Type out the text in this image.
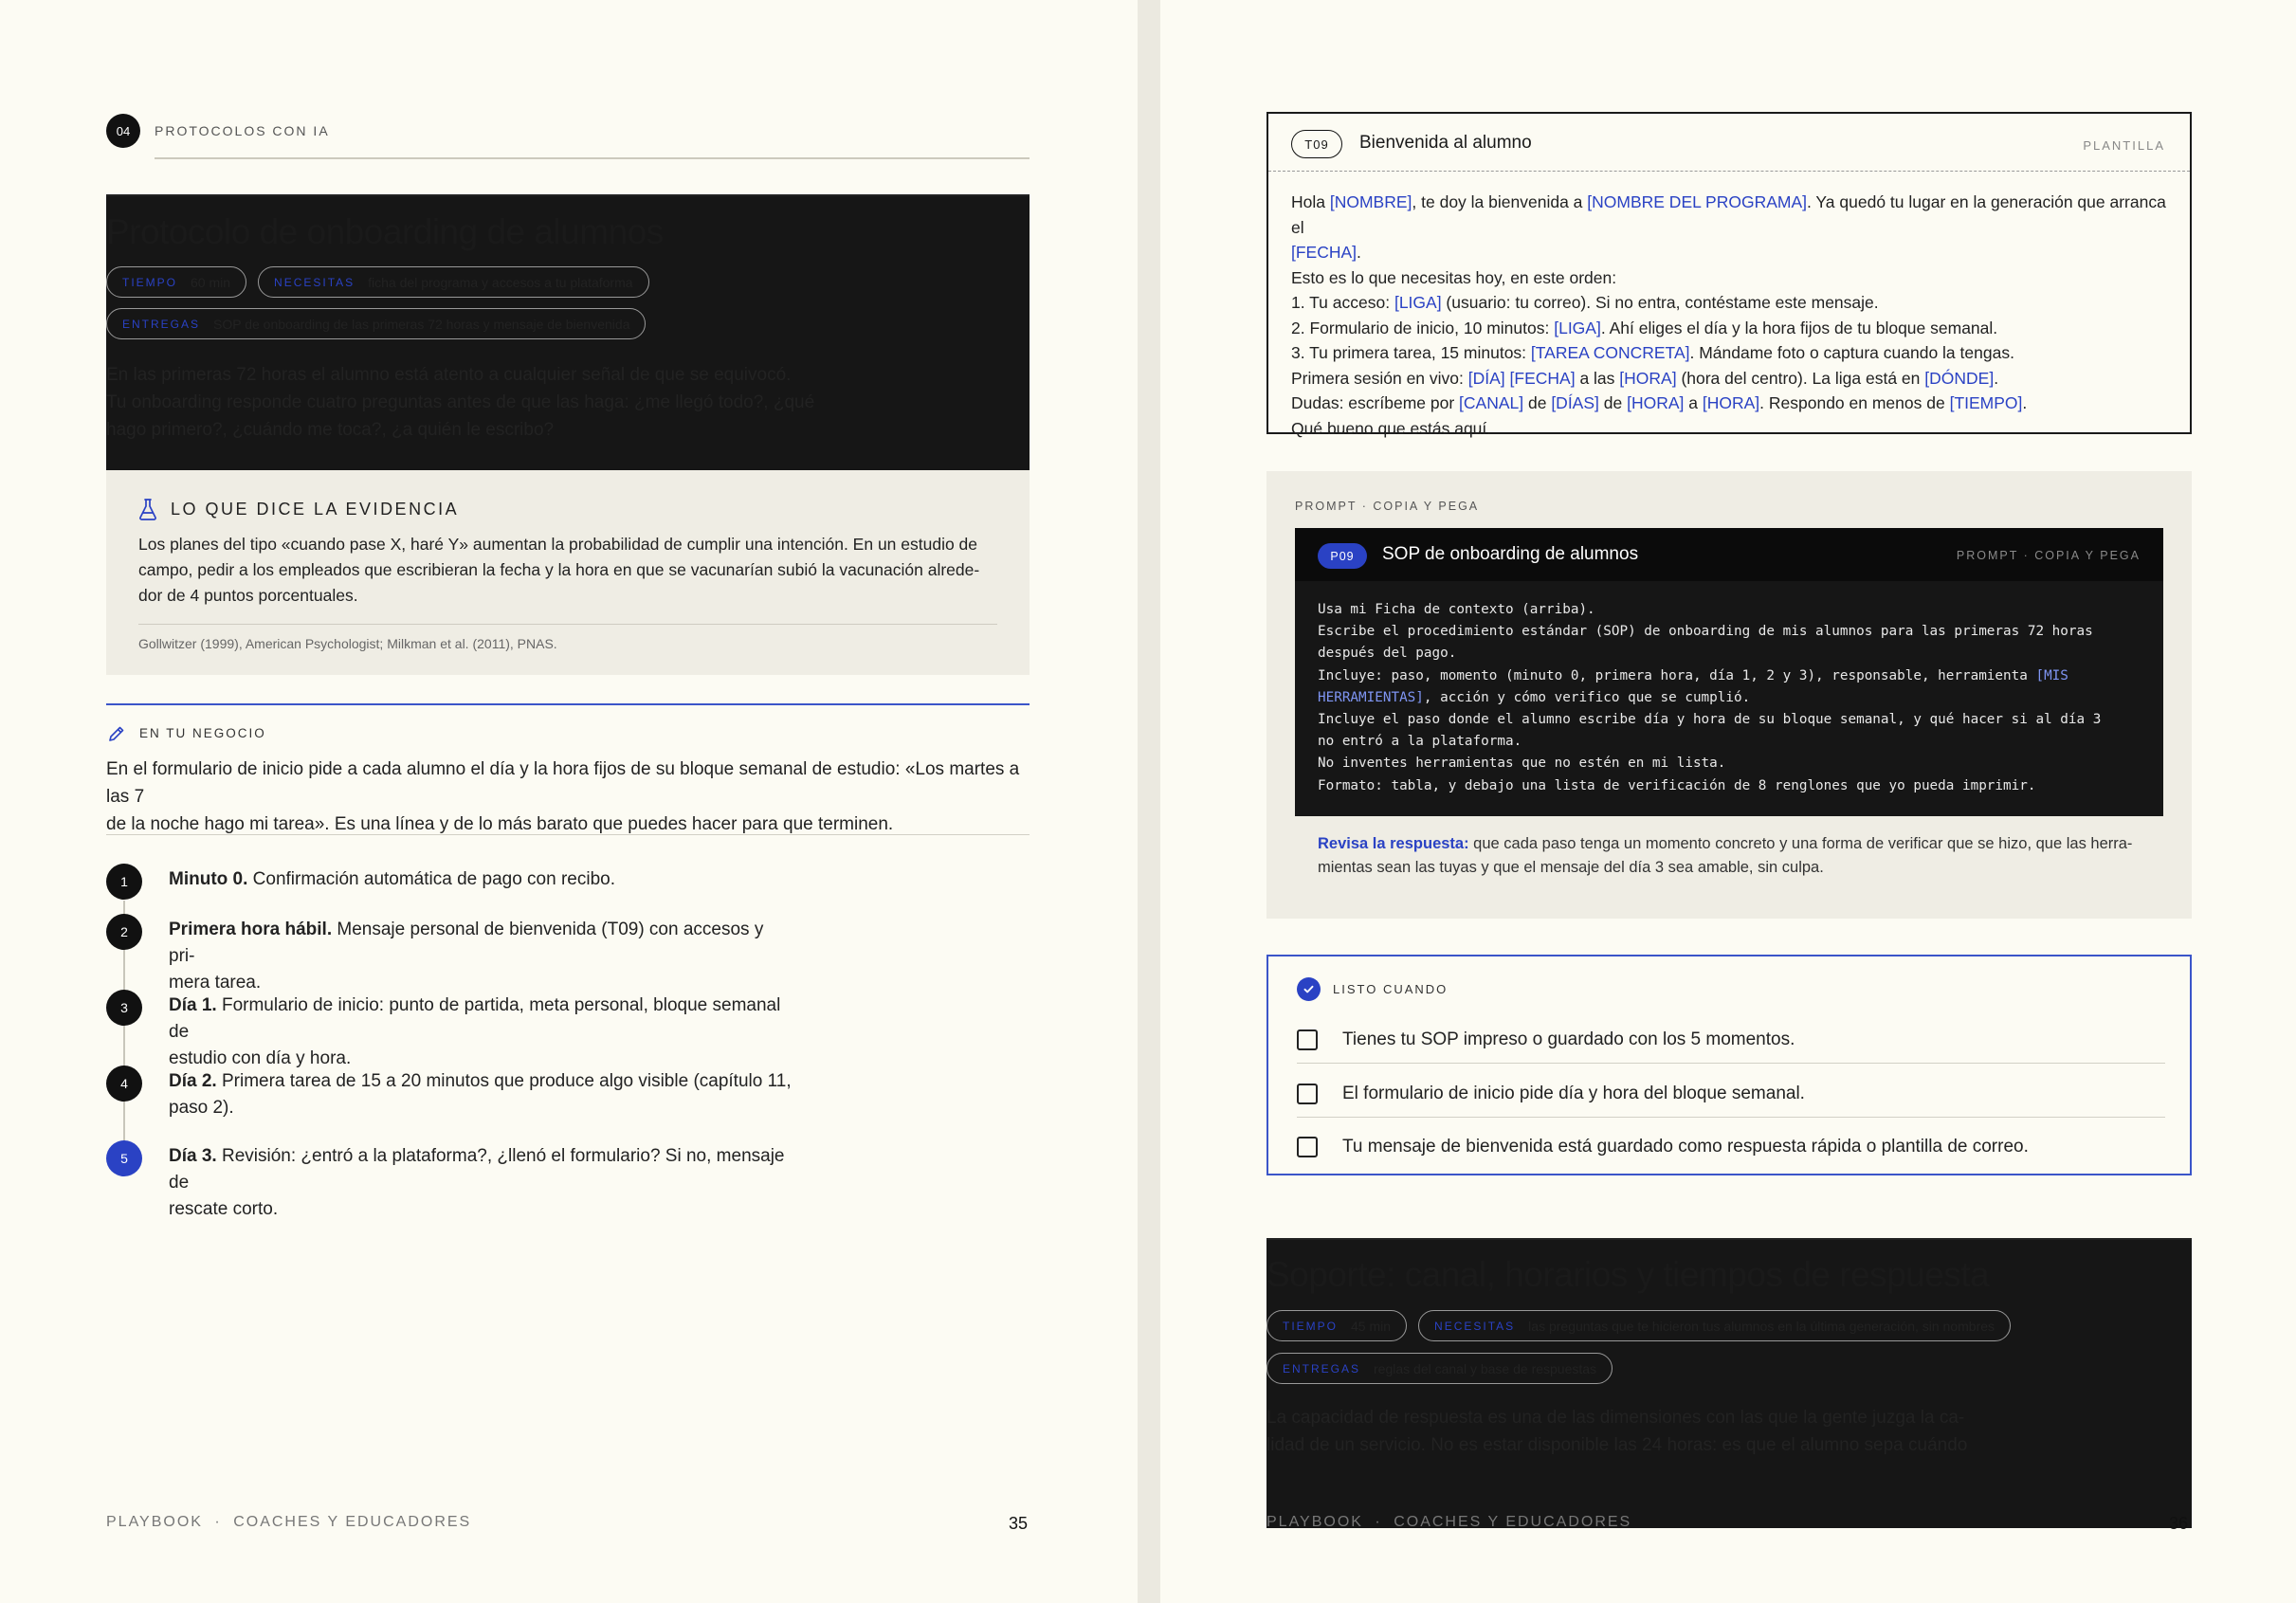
04	PROTOCOLOS CON IA
Protocolo de onboarding de alumnos
TIEMPO 60 min	NECESITAS ficha del programa y accesos a tu plataforma
ENTREGAS SOP de onboarding de las primeras 72 horas y mensaje de bienvenida
En las primeras 72 horas el alumno está atento a cualquier señal de que se equivocó.
Tu onboarding responde cuatro preguntas antes de que las haga: ¿me llegó todo?, ¿qué
hago primero?, ¿cuándo me toca?, ¿a quién le escribo?
LO QUE DICE LA EVIDENCIA
Los planes del tipo «cuando pase X, haré Y» aumentan la probabilidad de cumplir una intención. En un estudio de
campo, pedir a los empleados que escribieran la fecha y la hora en que se vacunarían subió la vacunación alrede-
dor de 4 puntos porcentuales.
Gollwitzer (1999), American Psychologist; Milkman et al. (2011), PNAS.
EN TU NEGOCIO
En el formulario de inicio pide a cada alumno el día y la hora fijos de su bloque semanal de estudio: «Los martes a las 7
de la noche hago mi tarea». Es una línea y de lo más barato que puedes hacer para que terminen.
1	Minuto 0. Confirmación automática de pago con recibo.
2	Primera hora hábil. Mensaje personal de bienvenida (T09) con accesos y pri-
mera tarea.
3	Día 1. Formulario de inicio: punto de partida, meta personal, bloque semanal de
estudio con día y hora.
4	Día 2. Primera tarea de 15 a 20 minutos que produce algo visible (capítulo 11,
paso 2).
5	Día 3. Revisión: ¿entró a la plataforma?, ¿llenó el formulario? Si no, mensaje de
rescate corto.
PLAYBOOK · COACHES Y EDUCADORES	35
T09	Bienvenida al alumno	PLANTILLA
Hola [NOMBRE], te doy la bienvenida a [NOMBRE DEL PROGRAMA]. Ya quedó tu lugar en la generación que arranca el
[FECHA].
Esto es lo que necesitas hoy, en este orden:
1. Tu acceso: [LIGA] (usuario: tu correo). Si no entra, contéstame este mensaje.
2. Formulario de inicio, 10 minutos: [LIGA]. Ahí eliges el día y la hora fijos de tu bloque semanal.
3. Tu primera tarea, 15 minutos: [TAREA CONCRETA]. Mándame foto o captura cuando la tengas.
Primera sesión en vivo: [DÍA] [FECHA] a las [HORA] (hora del centro). La liga está en [DÓNDE].
Dudas: escríbeme por [CANAL] de [DÍAS] de [HORA] a [HORA]. Respondo en menos de [TIEMPO].
Qué bueno que estás aquí.
PROMPT · COPIA Y PEGA
P09	SOP de onboarding de alumnos	PROMPT · COPIA Y PEGA
Usa mi Ficha de contexto (arriba).
Escribe el procedimiento estándar (SOP) de onboarding de mis alumnos para las primeras 72 horas
después del pago.
Incluye: paso, momento (minuto 0, primera hora, día 1, 2 y 3), responsable, herramienta [MIS
HERRAMIENTAS], acción y cómo verifico que se cumplió.
Incluye el paso donde el alumno escribe día y hora de su bloque semanal, y qué hacer si al día 3
no entró a la plataforma.
No inventes herramientas que no estén en mi lista.
Formato: tabla, y debajo una lista de verificación de 8 renglones que yo pueda imprimir.
Revisa la respuesta: que cada paso tenga un momento concreto y una forma de verificar que se hizo, que las herra-
mientas sean las tuyas y que el mensaje del día 3 sea amable, sin culpa.
LISTO CUANDO
Tienes tu SOP impreso o guardado con los 5 momentos.
El formulario de inicio pide día y hora del bloque semanal.
Tu mensaje de bienvenida está guardado como respuesta rápida o plantilla de correo.
Soporte: canal, horarios y tiempos de respuesta
TIEMPO 45 min	NECESITAS las preguntas que te hicieron tus alumnos en la última generación, sin nombres
ENTREGAS reglas del canal y base de respuestas
La capacidad de respuesta es una de las dimensiones con las que la gente juzga la ca-
lidad de un servicio. No es estar disponible las 24 horas: es que el alumno sepa cuándo
PLAYBOOK · COACHES Y EDUCADORES	36
